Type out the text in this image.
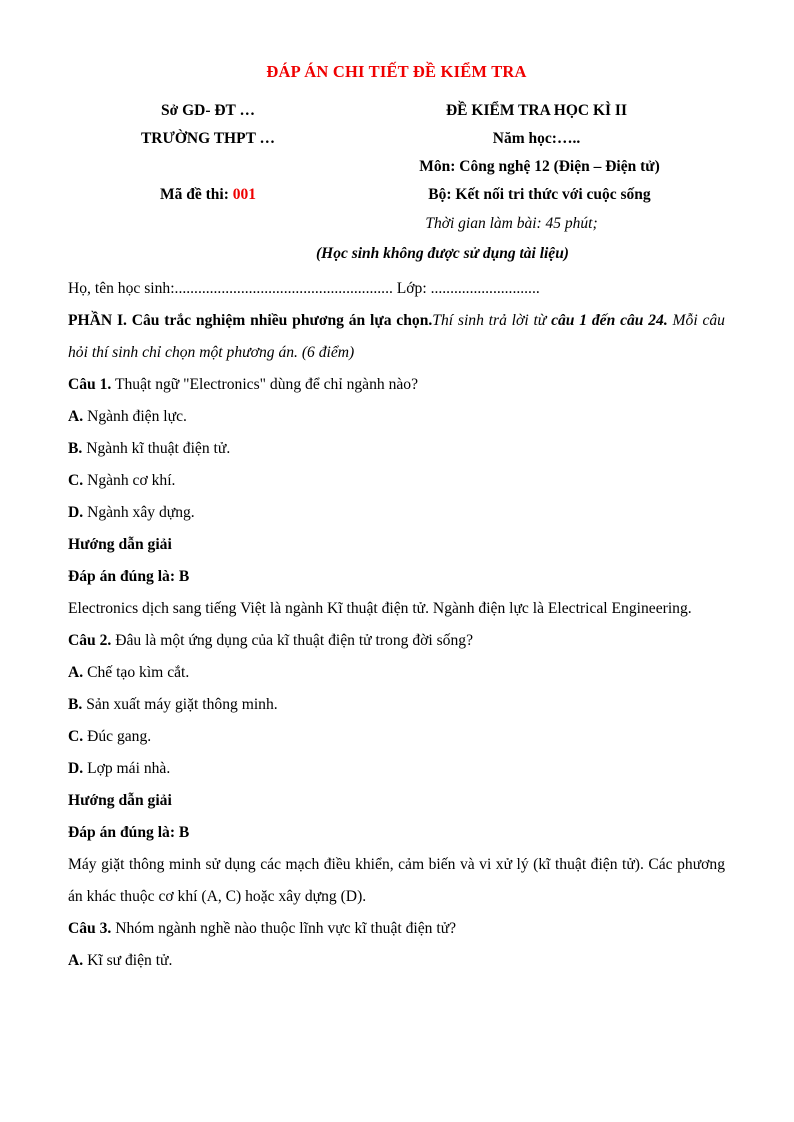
ĐÁP ÁN CHI TIẾT ĐỀ KIỂM TRA
Sở GD- ĐT …	ĐỀ KIỂM TRA HỌC KÌ II
TRƯỜNG THPT …	Năm học:…..
Môn: Công nghệ 12 (Điện – Điện tử)
Mã đề thi: 001	Bộ: Kết nối tri thức với cuộc sống
Thời gian làm bài: 45 phút;
(Học sinh không được sử dụng tài liệu)
Họ, tên học sinh:........................................................ Lớp: ............................
PHẦN I. Câu trắc nghiệm nhiều phương án lựa chọn.Thí sinh trả lời từ câu 1 đến câu 24. Mỗi câu hỏi thí sinh chỉ chọn một phương án. (6 điểm)
Câu 1. Thuật ngữ "Electronics" dùng để chỉ ngành nào?
A. Ngành điện lực.
B. Ngành kĩ thuật điện tử.
C. Ngành cơ khí.
D. Ngành xây dựng.
Hướng dẫn giải
Đáp án đúng là: B
Electronics dịch sang tiếng Việt là ngành Kĩ thuật điện tử. Ngành điện lực là Electrical Engineering.
Câu 2. Đâu là một ứng dụng của kĩ thuật điện tử trong đời sống?
A. Chế tạo kìm cắt.
B. Sản xuất máy giặt thông minh.
C. Đúc gang.
D. Lợp mái nhà.
Hướng dẫn giải
Đáp án đúng là: B
Máy giặt thông minh sử dụng các mạch điều khiển, cảm biến và vi xử lý (kĩ thuật điện tử). Các phương án khác thuộc cơ khí (A, C) hoặc xây dựng (D).
Câu 3. Nhóm ngành nghề nào thuộc lĩnh vực kĩ thuật điện tử?
A. Kĩ sư điện tử.
